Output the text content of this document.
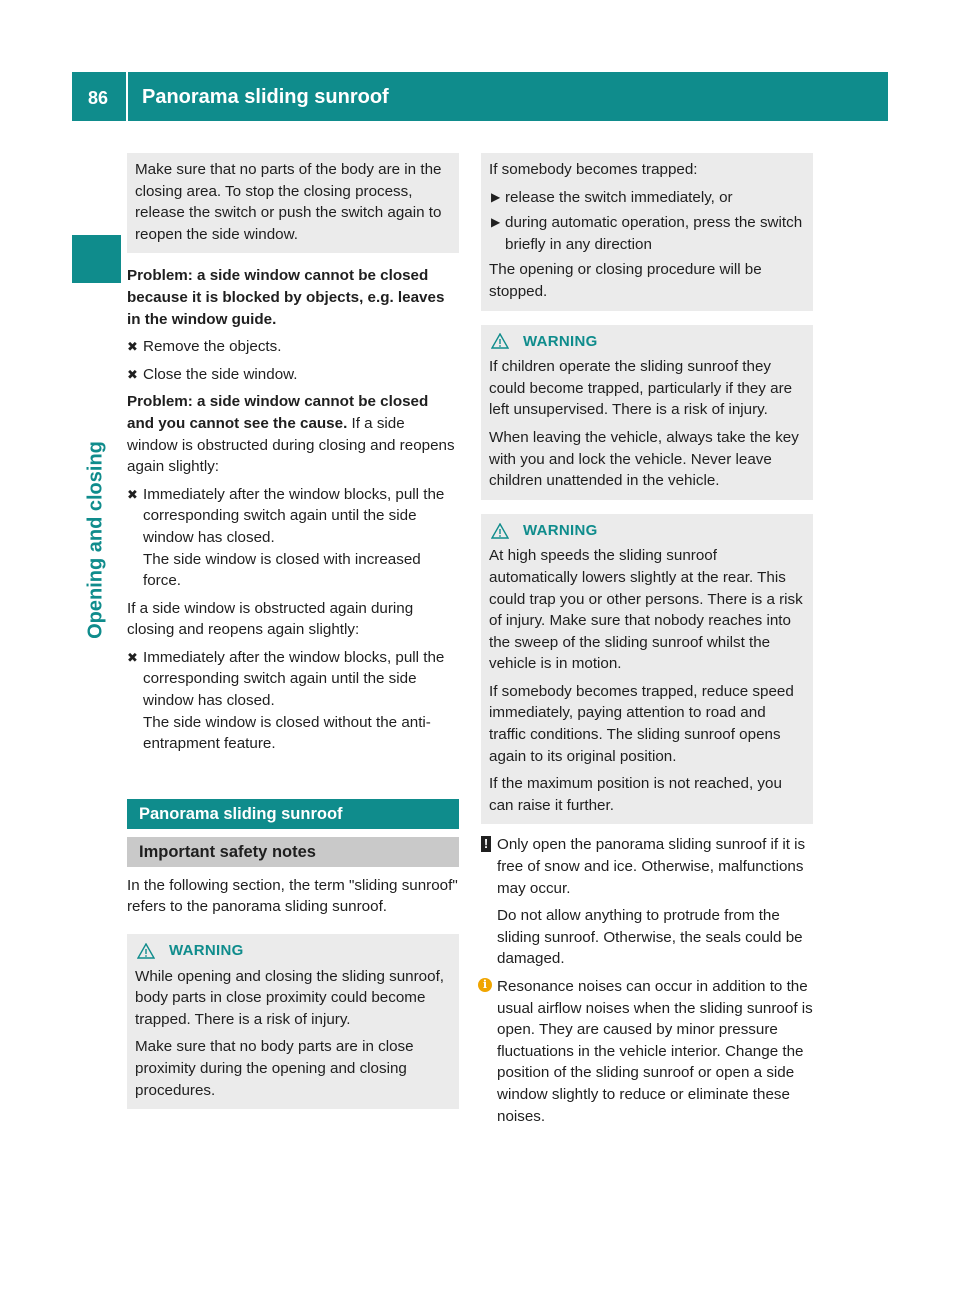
86 Panorama sliding sunroof
Opening and closing

Make sure that no parts of the body are in the closing area. To stop the closing process, release the switch or push the switch again to reopen the side window.

Problem: a side window cannot be closed because it is blocked by objects, e.g. leaves in the window guide.

✖ Remove the objects.
✖ Close the side window.

Problem: a side window cannot be closed and you cannot see the cause. If a side window is obstructed during closing and reopens again slightly:

✖ Immediately after the window blocks, pull the corresponding switch again until the side window has closed.
The side window is closed with increased force.

If a side window is obstructed again during closing and reopens again slightly:

✖ Immediately after the window blocks, pull the corresponding switch again until the side window has closed.
The side window is closed without the anti-entrapment feature.
Panorama sliding sunroof
Important safety notes

In the following section, the term "sliding sunroof" refers to the panorama sliding sunroof.

WARNING

While opening and closing the sliding sunroof, body parts in close proximity could become trapped. There is a risk of injury.

Make sure that no body parts are in close proximity during the opening and closing procedures.

If somebody becomes trapped:

▶ release the switch immediately, or
▶ during automatic operation, press the switch briefly in any direction

The opening or closing procedure will be stopped.

WARNING

If children operate the sliding sunroof they could become trapped, particularly if they are left unsupervised. There is a risk of injury.

When leaving the vehicle, always take the key with you and lock the vehicle. Never leave children unattended in the vehicle.

WARNING

At high speeds the sliding sunroof automatically lowers slightly at the rear. This could trap you or other persons. There is a risk of injury. Make sure that nobody reaches into the sweep of the sliding sunroof whilst the vehicle is in motion.

If somebody becomes trapped, reduce speed immediately, paying attention to road and traffic conditions. The sliding sunroof opens again to its original position.

If the maximum position is not reached, you can raise it further.

! Only open the panorama sliding sunroof if it is free of snow and ice. Otherwise, malfunctions may occur.

Do not allow anything to protrude from the sliding sunroof. Otherwise, the seals could be damaged.

i Resonance noises can occur in addition to the usual airflow noises when the sliding sunroof is open. They are caused by minor pressure fluctuations in the vehicle interior. Change the position of the sliding sunroof or open a side window slightly to reduce or eliminate these noises.
